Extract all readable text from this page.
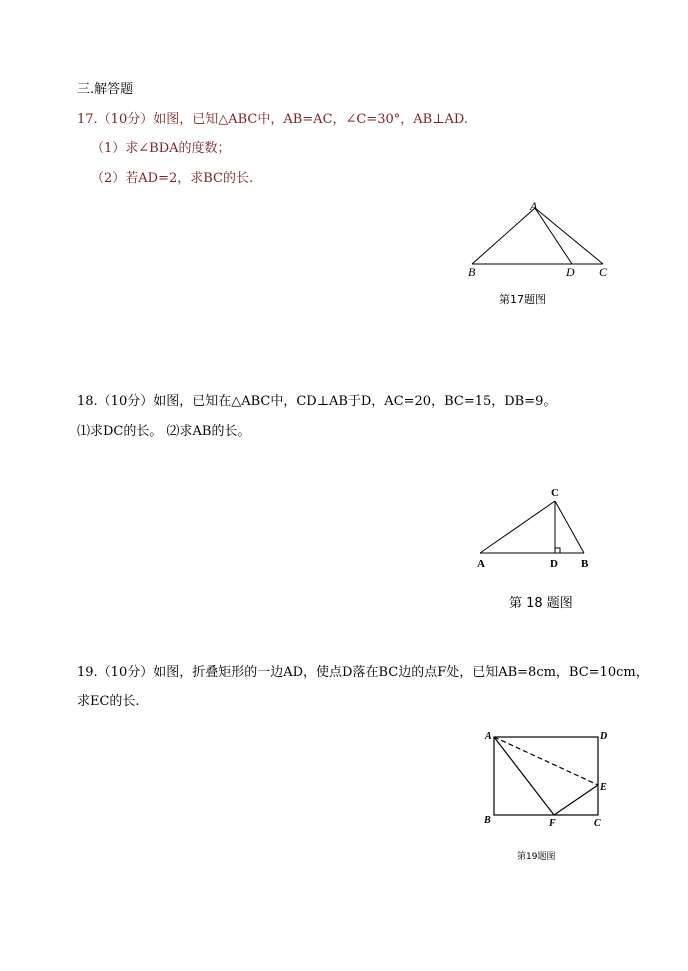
三.解答题
17.（10分）如图，已知△ABC中，AB=AC，∠C=30°，AB⊥AD.
（1）求∠BDA的度数；
（2）若AD=2，求BC的长.
A
B	D C
第17题图
18.（10分）如图，已知在△ABC中，CD⊥AB于D，AC=20，BC=15，DB=9。
⑴求DC的长。 ⑵求AB的长。
A
C
D B
第 18 题图
19.（10分）如图，折叠矩形的一边AD，使点D落在BC边的点F处，已知AB=8cm，BC=10cm，
求EC的长.
A	D
E
B	F	C
第19题图
